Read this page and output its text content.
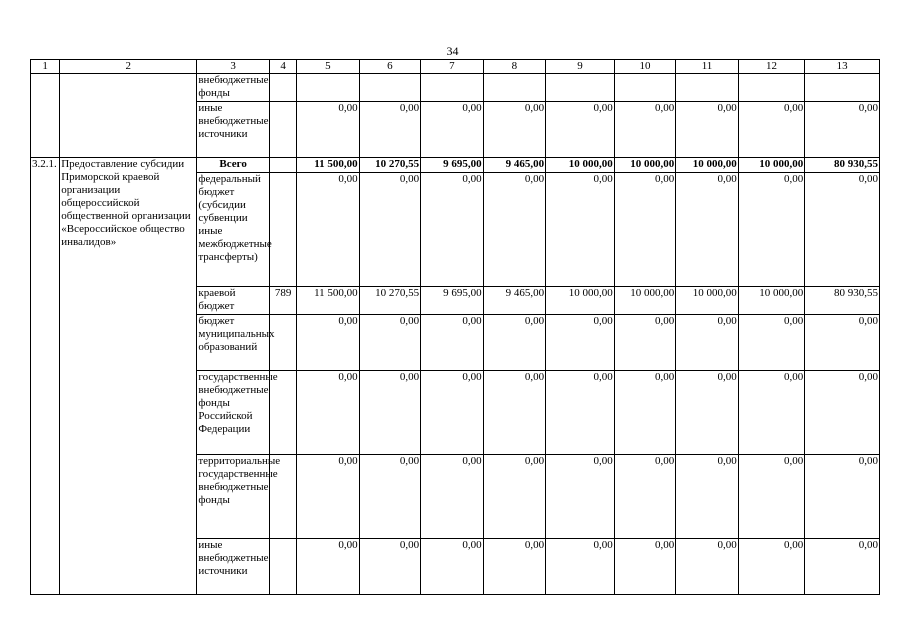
34
1	2	3	4	5	6	7	8	9	10	11	12	13
		внебюджетные фонды										
		иные внебюджетные источники		0,00	0,00	0,00	0,00	0,00	0,00	0,00	0,00	0,00
3.2.1.	Предоставление субсидии Приморской краевой организации общероссийской общественной организации «Всероссийское общество инвалидов»	Всего		11 500,00	10 270,55	9 695,00	9 465,00	10 000,00	10 000,00	10 000,00	10 000,00	80 930,55
		федеральный бюджет (субсидии субвенции иные межбюджетные трансферты)		0,00	0,00	0,00	0,00	0,00	0,00	0,00	0,00	0,00
		краевой бюджет	789	11 500,00	10 270,55	9 695,00	9 465,00	10 000,00	10 000,00	10 000,00	10 000,00	80 930,55
		бюджет муниципальных образований		0,00	0,00	0,00	0,00	0,00	0,00	0,00	0,00	0,00
		государственные внебюджетные фонды Российской Федерации		0,00	0,00	0,00	0,00	0,00	0,00	0,00	0,00	0,00
		территориальные государственные внебюджетные фонды		0,00	0,00	0,00	0,00	0,00	0,00	0,00	0,00	0,00
		иные внебюджетные источники		0,00	0,00	0,00	0,00	0,00	0,00	0,00	0,00	0,00
